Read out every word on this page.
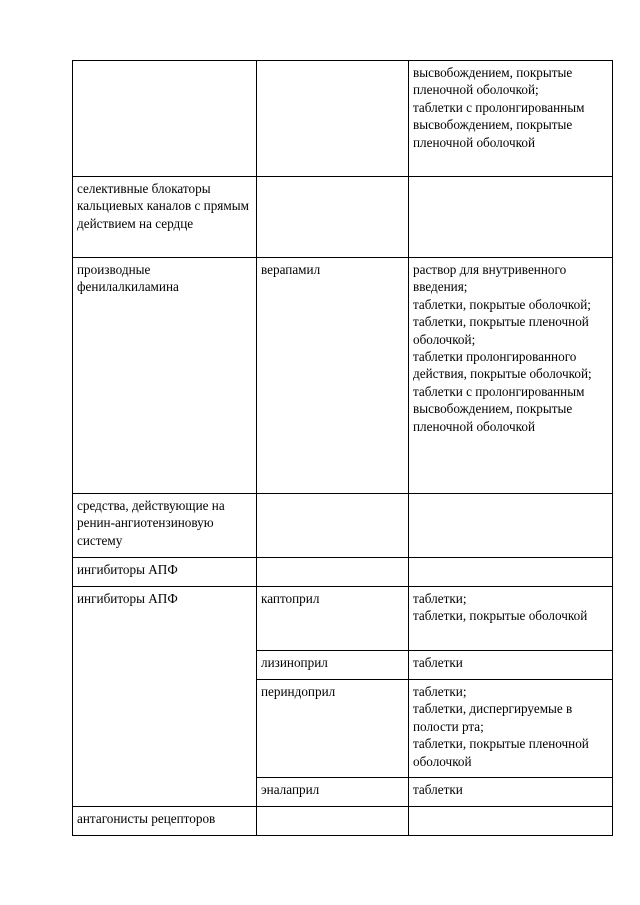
		высвобождением, покрытые пленочной оболочкой;
таблетки с пролонгированным высвобождением, покрытые пленочной оболочкой

селективные блокаторы кальциевых каналов с прямым действием на сердце		
производные фенилалкиламина	верапамил	раствор для внутривенного введения;
таблетки, покрытые оболочкой;
таблетки, покрытые пленочной оболочкой;
таблетки пролонгированного действия, покрытые оболочкой;
таблетки с пролонгированным высвобождением, покрытые пленочной оболочкой

средства, действующие на ренин-ангиотензиновую систему		
ингибиторы АПФ		
ингибиторы АПФ	каптоприл	таблетки;
таблетки, покрытые оболочкой

	лизиноприл	таблетки

	периндоприл	таблетки;
таблетки, диспергируемые в полости рта;
таблетки, покрытые пленочной оболочкой

	эналаприл	таблетки

антагонисты рецепторов		
